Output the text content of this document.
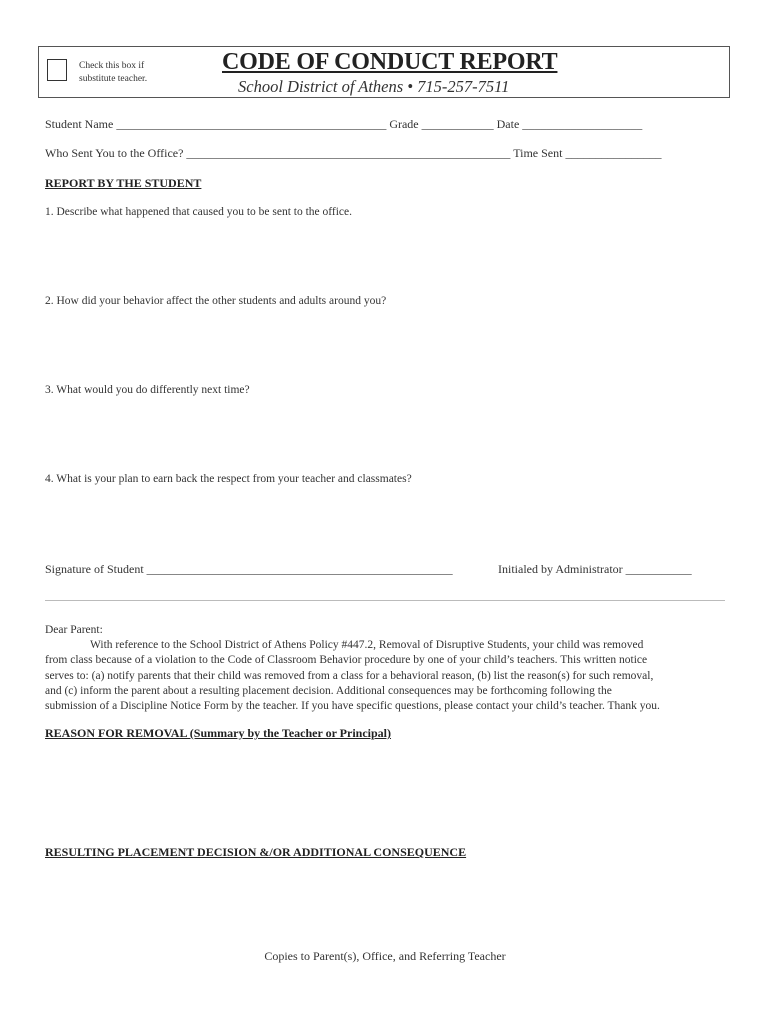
Check this box if
substitute teacher.
CODE OF CONDUCT REPORT
School District of Athens • 715-257-7511
Student Name _____________________________________________ Grade ____________ Date ____________________
Who Sent You to the Office? ______________________________________________________ Time Sent ________________
REPORT BY THE STUDENT
1. Describe what happened that caused you to be sent to the office.
2. How did your behavior affect the other students and adults around you?
3. What would you do differently next time?
4. What is your plan to earn back the respect from your teacher and classmates?
Signature of Student ___________________________________________________	Initialed by Administrator ___________

Dear Parent:

With reference to the School District of Athens Policy #447.2, Removal of Disruptive Students, your child was removed

from class because of a violation to the Code of Classroom Behavior procedure by one of your child’s teachers. This written notice

serves to: (a) notify parents that their child was removed from a class for a behavioral reason, (b) list the reason(s) for such removal,

and (c) inform the parent about a resulting placement decision. Additional consequences may be forthcoming following the

submission of a Discipline Notice Form by the teacher. If you have specific questions, please contact your child’s teacher. Thank you.

REASON FOR REMOVAL (Summary by the Teacher or Principal)
RESULTING PLACEMENT DECISION &/OR ADDITIONAL CONSEQUENCE
Copies to Parent(s), Office, and Referring Teacher
